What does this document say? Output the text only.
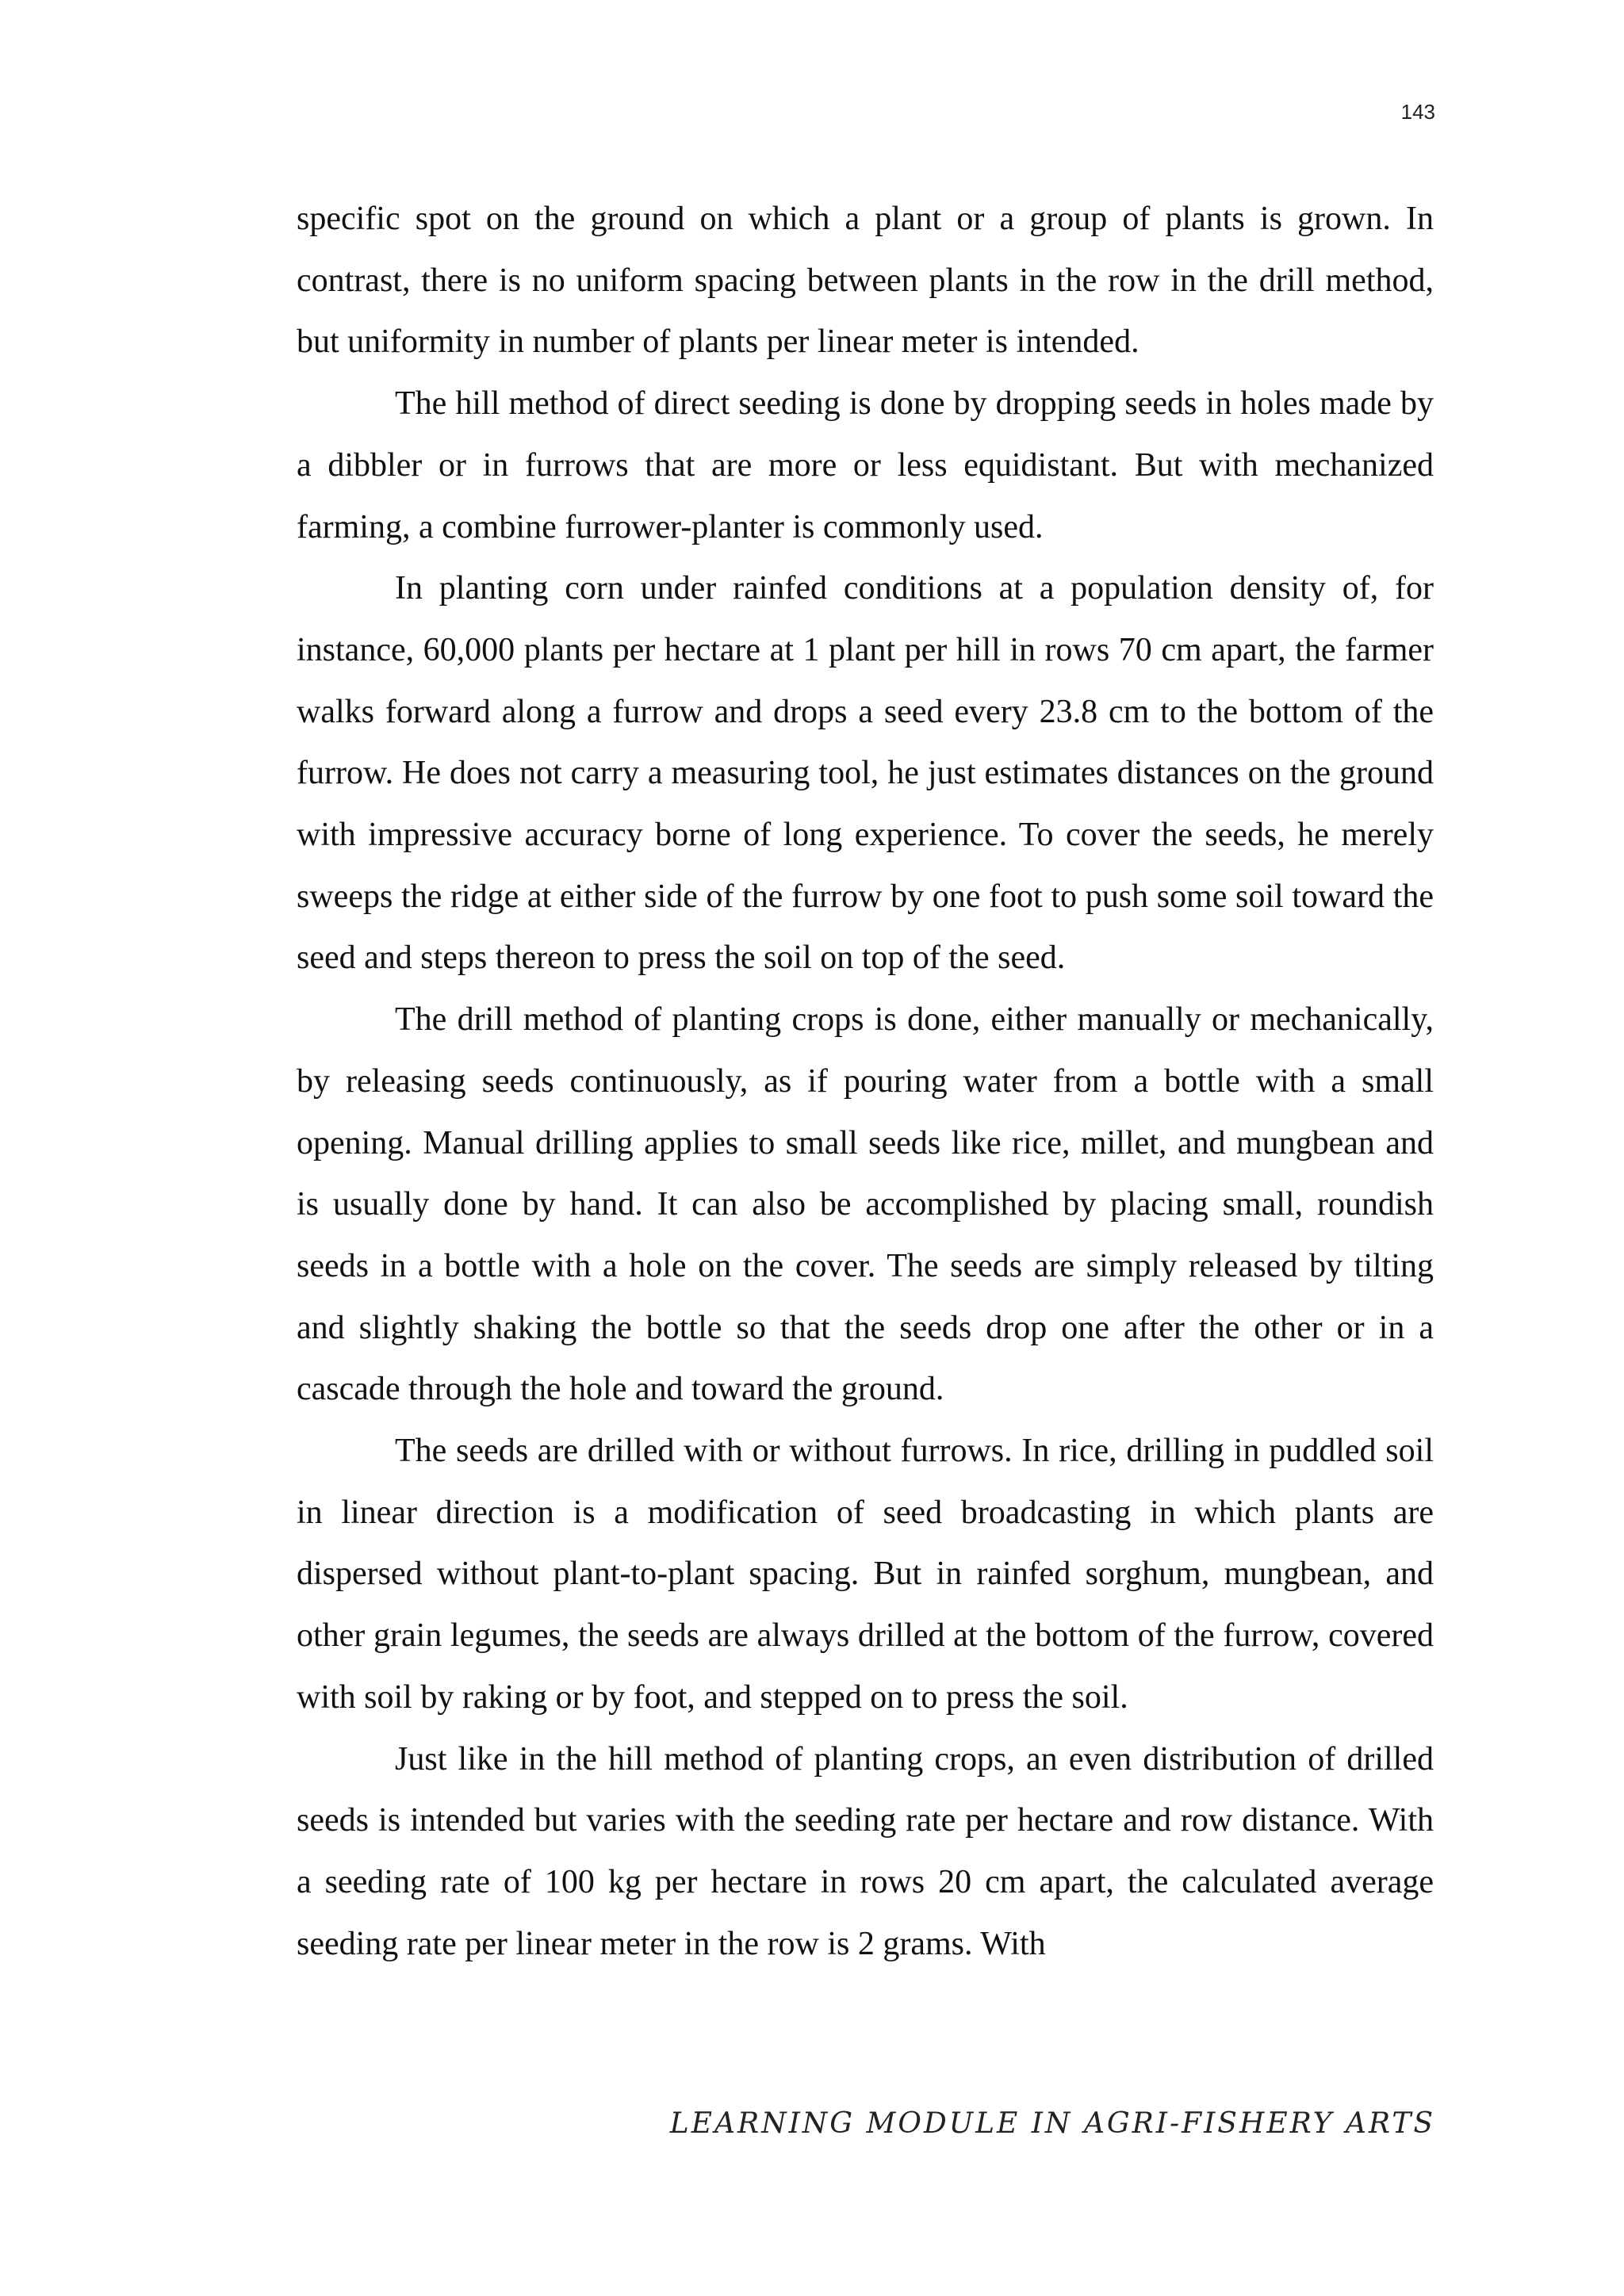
143

specific spot on the ground on which a plant or a group of plants is grown. In contrast, there is no uniform spacing between plants in the row in the drill method, but uniformity in number of plants per linear meter is intended.

The hill method of direct seeding is done by dropping seeds in holes made by a dibbler or in furrows that are more or less equidistant. But with mechanized farming, a combine furrower-planter is commonly used.

In planting corn under rainfed conditions at a population density of, for instance, 60,000 plants per hectare at 1 plant per hill in rows 70 cm apart, the farmer walks forward along a furrow and drops a seed every 23.8 cm to the bottom of the furrow. He does not carry a measuring tool, he just estimates distances on the ground with impressive accuracy borne of long experience. To cover the seeds, he merely sweeps the ridge at either side of the furrow by one foot to push some soil toward the seed and steps thereon to press the soil on top of the seed.

The drill method of planting crops is done, either manually or mechanically, by releasing seeds continuously, as if pouring water from a bottle with a small opening. Manual drilling applies to small seeds like rice, millet, and mungbean and is usually done by hand. It can also be accomplished by placing small, roundish seeds in a bottle with a hole on the cover. The seeds are simply released by tilting and slightly shaking the bottle so that the seeds drop one after the other or in a cascade through the hole and toward the ground.

The seeds are drilled with or without furrows. In rice, drilling in puddled soil in linear direction is a modification of seed broadcasting in which plants are dispersed without plant-to-plant spacing. But in rainfed sorghum, mungbean, and other grain legumes, the seeds are always drilled at the bottom of the furrow, covered with soil by raking or by foot, and stepped on to press the soil.

Just like in the hill method of planting crops, an even distribution of drilled seeds is intended but varies with the seeding rate per hectare and row distance. With a seeding rate of 100 kg per hectare in rows 20 cm apart, the calculated average seeding rate per linear meter in the row is 2 grams. With

LEARNING MODULE IN AGRI-FISHERY ARTS
